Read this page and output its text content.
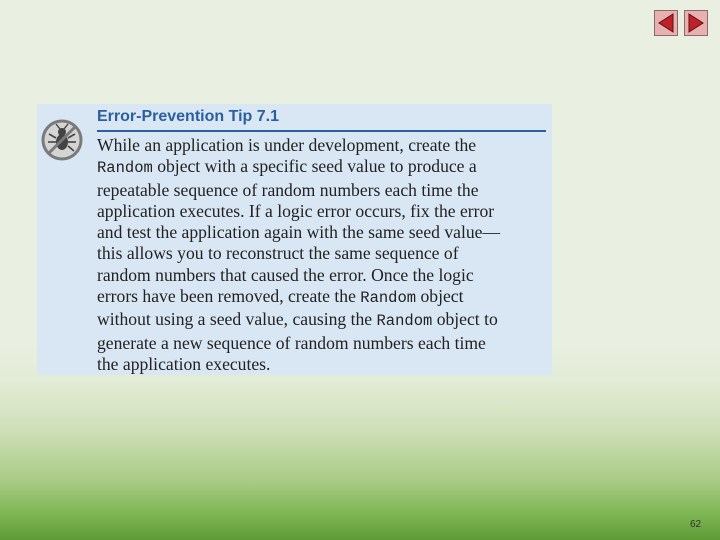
Error-Prevention Tip 7.1
While an application is under development, create the
Random object with a specific seed value to produce a
repeatable sequence of random numbers each time the
application executes. If a logic error occurs, fix the error
and test the application again with the same seed value—
this allows you to reconstruct the same sequence of
random numbers that caused the error. Once the logic
errors have been removed, create the Random object
without using a seed value, causing the Random object to
generate a new sequence of random numbers each time
the application executes.
62
